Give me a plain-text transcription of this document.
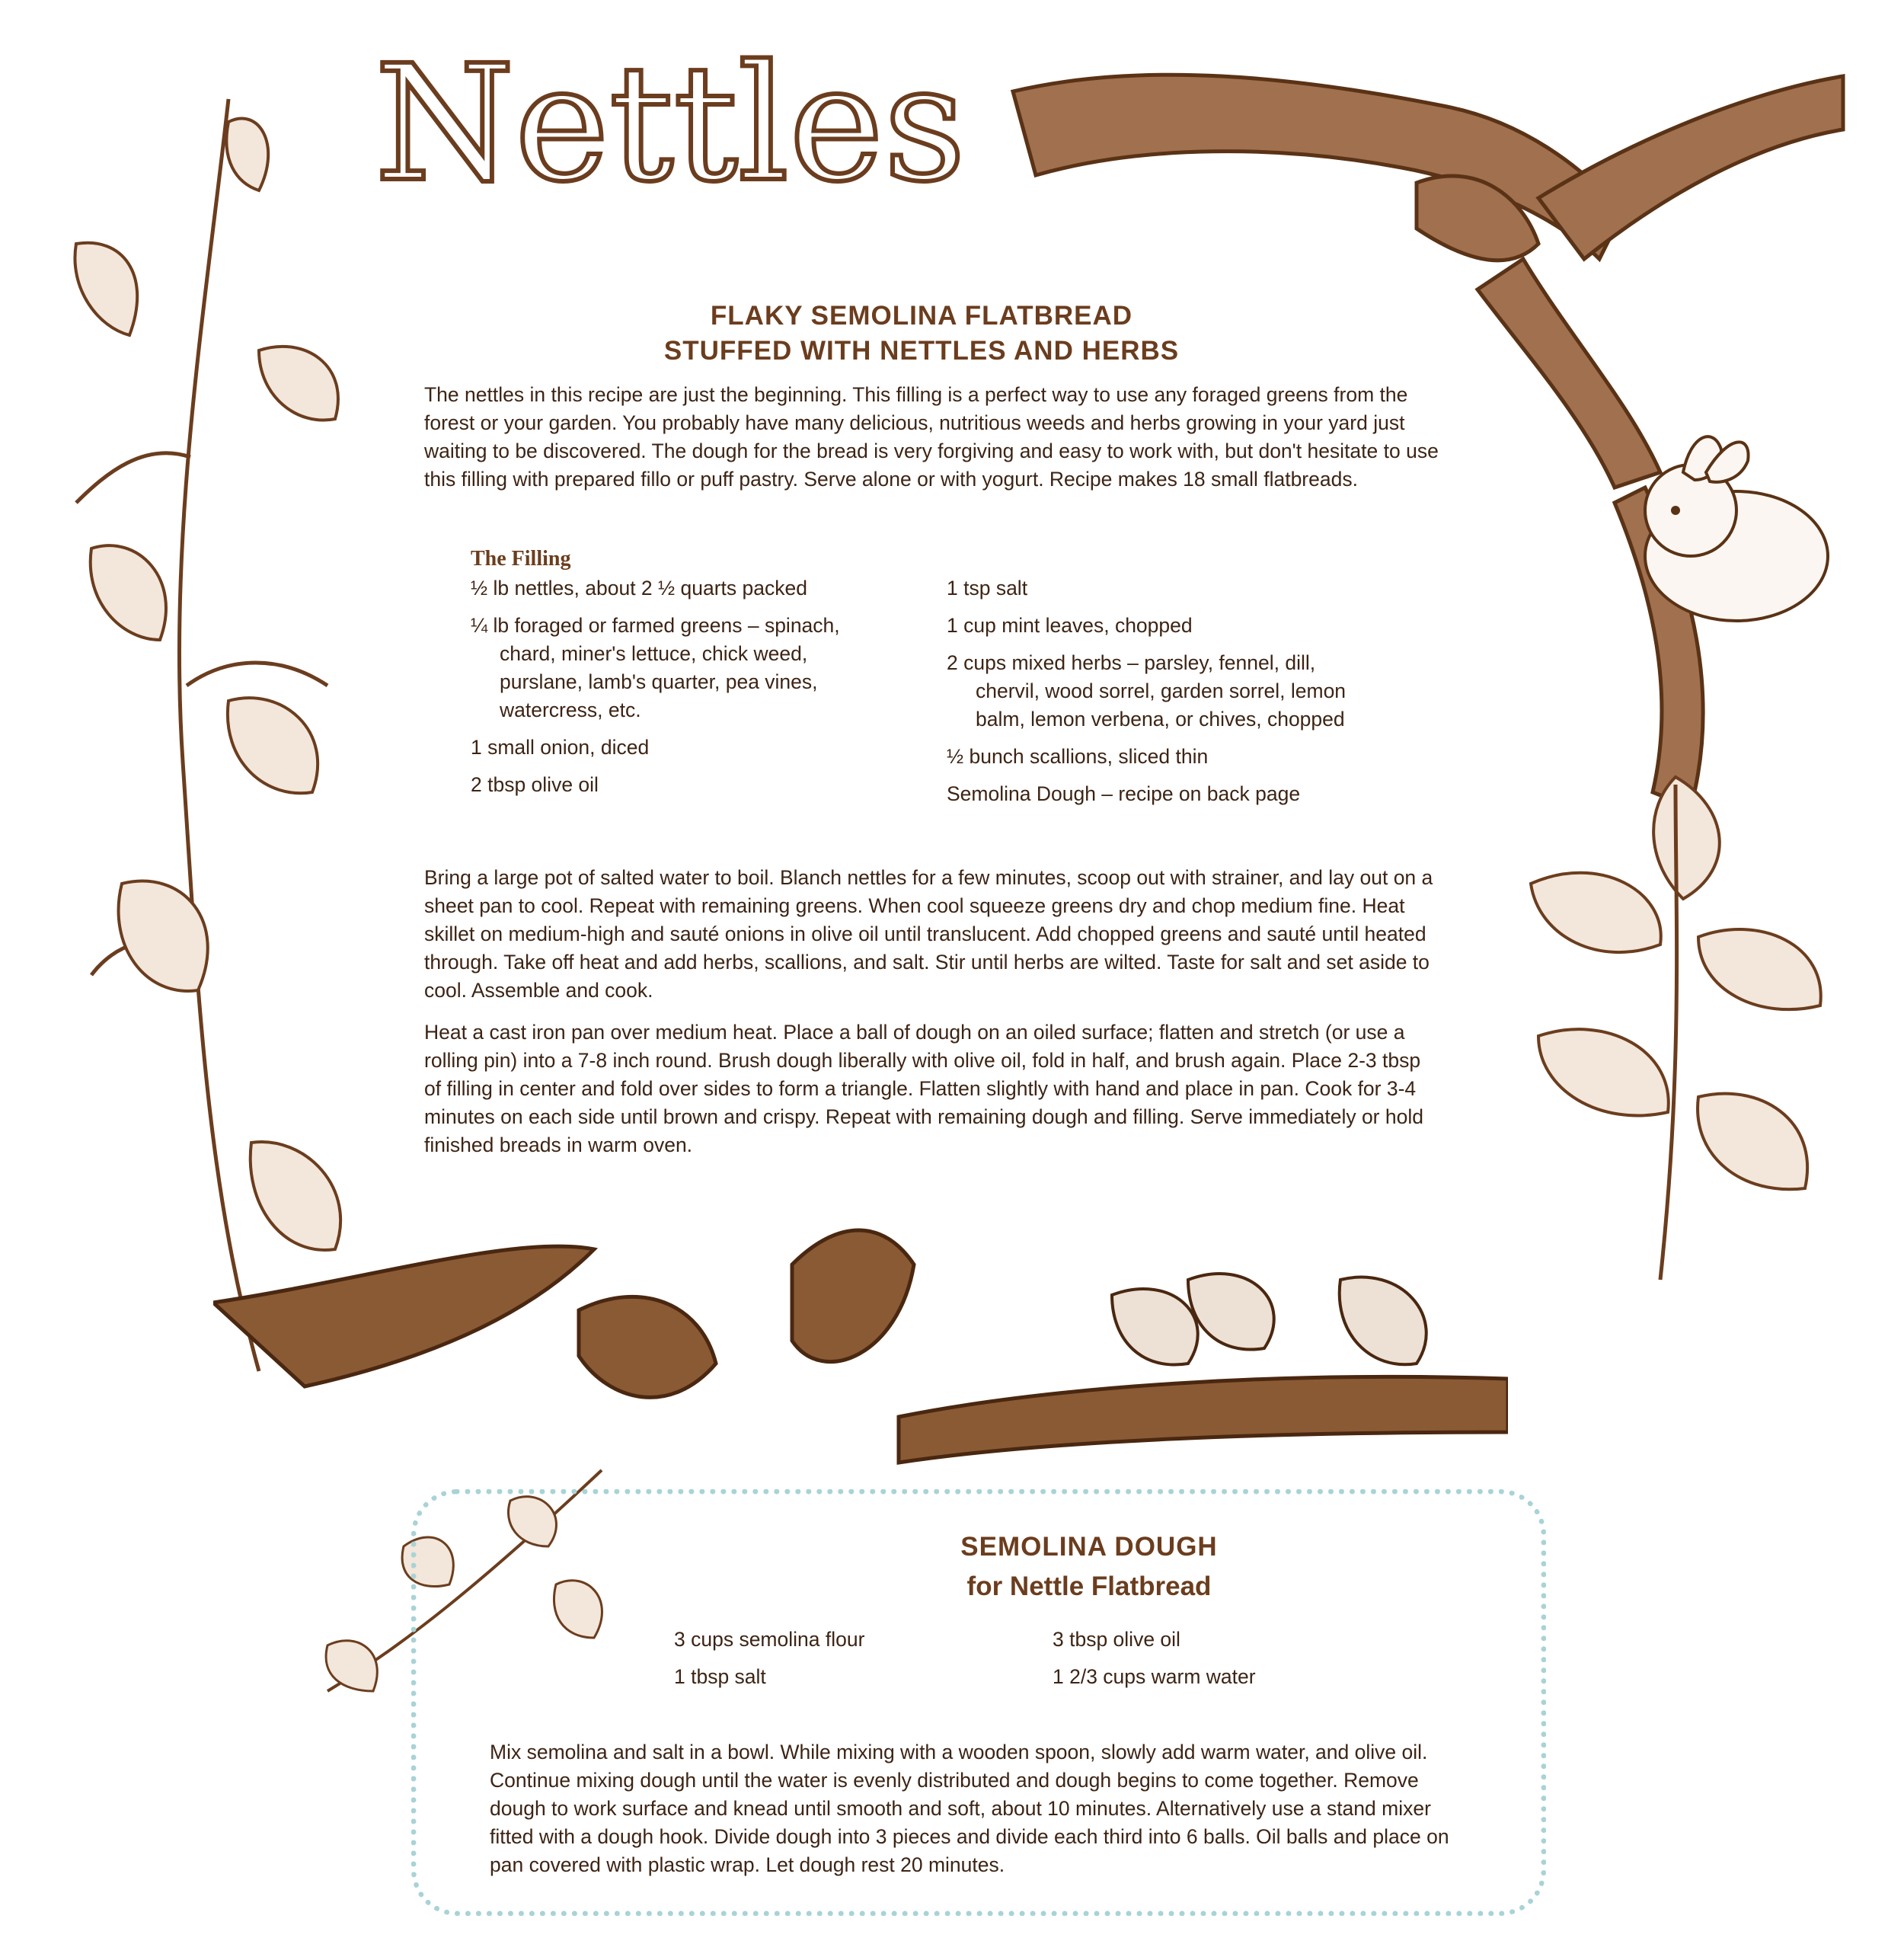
Nettles
FLAKY SEMOLINA FLATBREAD
STUFFED WITH NETTLES AND HERBS
The nettles in this recipe are just the beginning. This filling is a perfect way to use any foraged greens from the forest or your garden. You probably have many delicious, nutritious weeds and herbs growing in your yard just waiting to be discovered. The dough for the bread is very forgiving and easy to work with, but don't hesitate to use this filling with prepared fillo or puff pastry. Serve alone or with yogurt. Recipe makes 18 small flatbreads.
The Filling
½ lb nettles, about 2 ½ quarts packed
¼ lb foraged or farmed greens – spinach, chard, miner's lettuce, chick weed, purslane, lamb's quarter, pea vines, watercress, etc.
1 small onion, diced
2 tbsp olive oil
1 tsp salt
1 cup mint leaves, chopped
2 cups mixed herbs – parsley, fennel, dill, chervil, wood sorrel, garden sorrel, lemon balm, lemon verbena, or chives, chopped
½ bunch scallions, sliced thin
Semolina Dough – recipe on back page
Bring a large pot of salted water to boil. Blanch nettles for a few minutes, scoop out with strainer, and lay out on a sheet pan to cool. Repeat with remaining greens. When cool squeeze greens dry and chop medium fine. Heat skillet on medium-high and sauté onions in olive oil until translucent. Add chopped greens and sauté until heated through. Take off heat and add herbs, scallions, and salt. Stir until herbs are wilted. Taste for salt and set aside to cool. Assemble and cook.
Heat a cast iron pan over medium heat. Place a ball of dough on an oiled surface; flatten and stretch (or use a rolling pin) into a 7-8 inch round. Brush dough liberally with olive oil, fold in half, and brush again. Place 2-3 tbsp of filling in center and fold over sides to form a triangle. Flatten slightly with hand and place in pan. Cook for 3-4 minutes on each side until brown and crispy. Repeat with remaining dough and filling. Serve immediately or hold finished breads in warm oven.
SEMOLINA DOUGH
for Nettle Flatbread
3 cups semolina flour
1 tbsp salt
3 tbsp olive oil
1 2/3 cups warm water
Mix semolina and salt in a bowl. While mixing with a wooden spoon, slowly add warm water, and olive oil. Continue mixing dough until the water is evenly distributed and dough begins to come together. Remove dough to work surface and knead until smooth and soft, about 10 minutes. Alternatively use a stand mixer fitted with a dough hook. Divide dough into 3 pieces and divide each third into 6 balls. Oil balls and place on pan covered with plastic wrap. Let dough rest 20 minutes.
